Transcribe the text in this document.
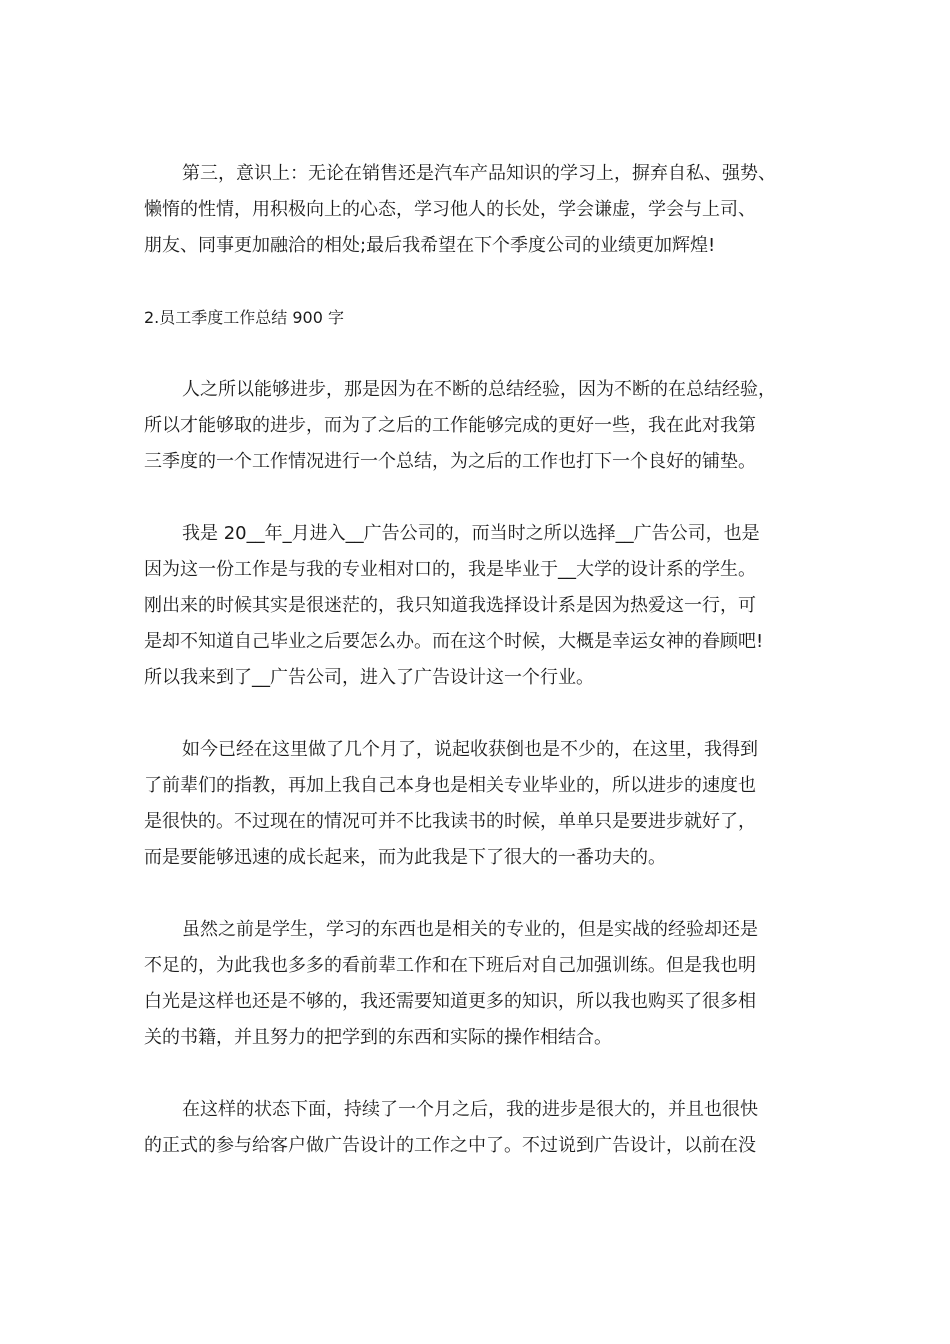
第三，意识上：无论在销售还是汽车产品知识的学习上，摒弃自私、强势、
懒惰的性情，用积极向上的心态，学习他人的长处，学会谦虚，学会与上司、
朋友、同事更加融洽的相处;最后我希望在下个季度公司的业绩更加辉煌!

2.员工季度工作总结 900 字

人之所以能够进步，那是因为在不断的总结经验，因为不断的在总结经验，
所以才能够取的进步，而为了之后的工作能够完成的更好一些，我在此对我第
三季度的一个工作情况进行一个总结，为之后的工作也打下一个良好的铺垫。

我是 20__年_月进入__广告公司的，而当时之所以选择__广告公司，也是
因为这一份工作是与我的专业相对口的，我是毕业于__大学的设计系的学生。
刚出来的时候其实是很迷茫的，我只知道我选择设计系是因为热爱这一行，可
是却不知道自己毕业之后要怎么办。而在这个时候，大概是幸运女神的眷顾吧!
所以我来到了__广告公司，进入了广告设计这一个行业。

如今已经在这里做了几个月了，说起收获倒也是不少的，在这里，我得到
了前辈们的指教，再加上我自己本身也是相关专业毕业的，所以进步的速度也
是很快的。不过现在的情况可并不比我读书的时候，单单只是要进步就好了，
而是要能够迅速的成长起来，而为此我是下了很大的一番功夫的。

虽然之前是学生，学习的东西也是相关的专业的，但是实战的经验却还是
不足的，为此我也多多的看前辈工作和在下班后对自己加强训练。但是我也明
白光是这样也还是不够的，我还需要知道更多的知识，所以我也购买了很多相
关的书籍，并且努力的把学到的东西和实际的操作相结合。

在这样的状态下面，持续了一个月之后，我的进步是很大的，并且也很快
的正式的参与给客户做广告设计的工作之中了。不过说到广告设计，以前在没
